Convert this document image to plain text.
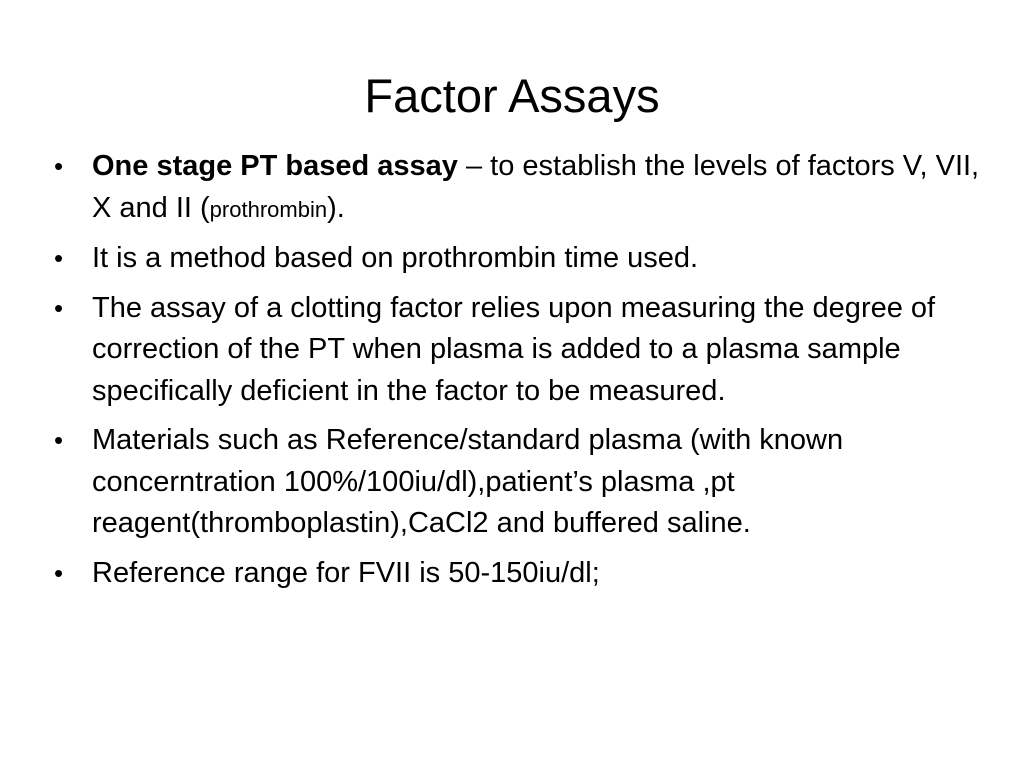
Factor Assays
• One stage PT based assay – to establish the levels of factors V, VII, X and II (prothrombin).
• It is a method based on prothrombin time used.
• The assay of a clotting factor relies upon measuring the degree of correction of the PT when plasma is added to a plasma sample specifically deficient in the factor to be measured.
• Materials such as Reference/standard plasma (with known concerntration 100%/100iu/dl),patient’s plasma ,pt reagent(thromboplastin),CaCl2 and buffered saline.
• Reference range for FVII is 50-150iu/dl;
